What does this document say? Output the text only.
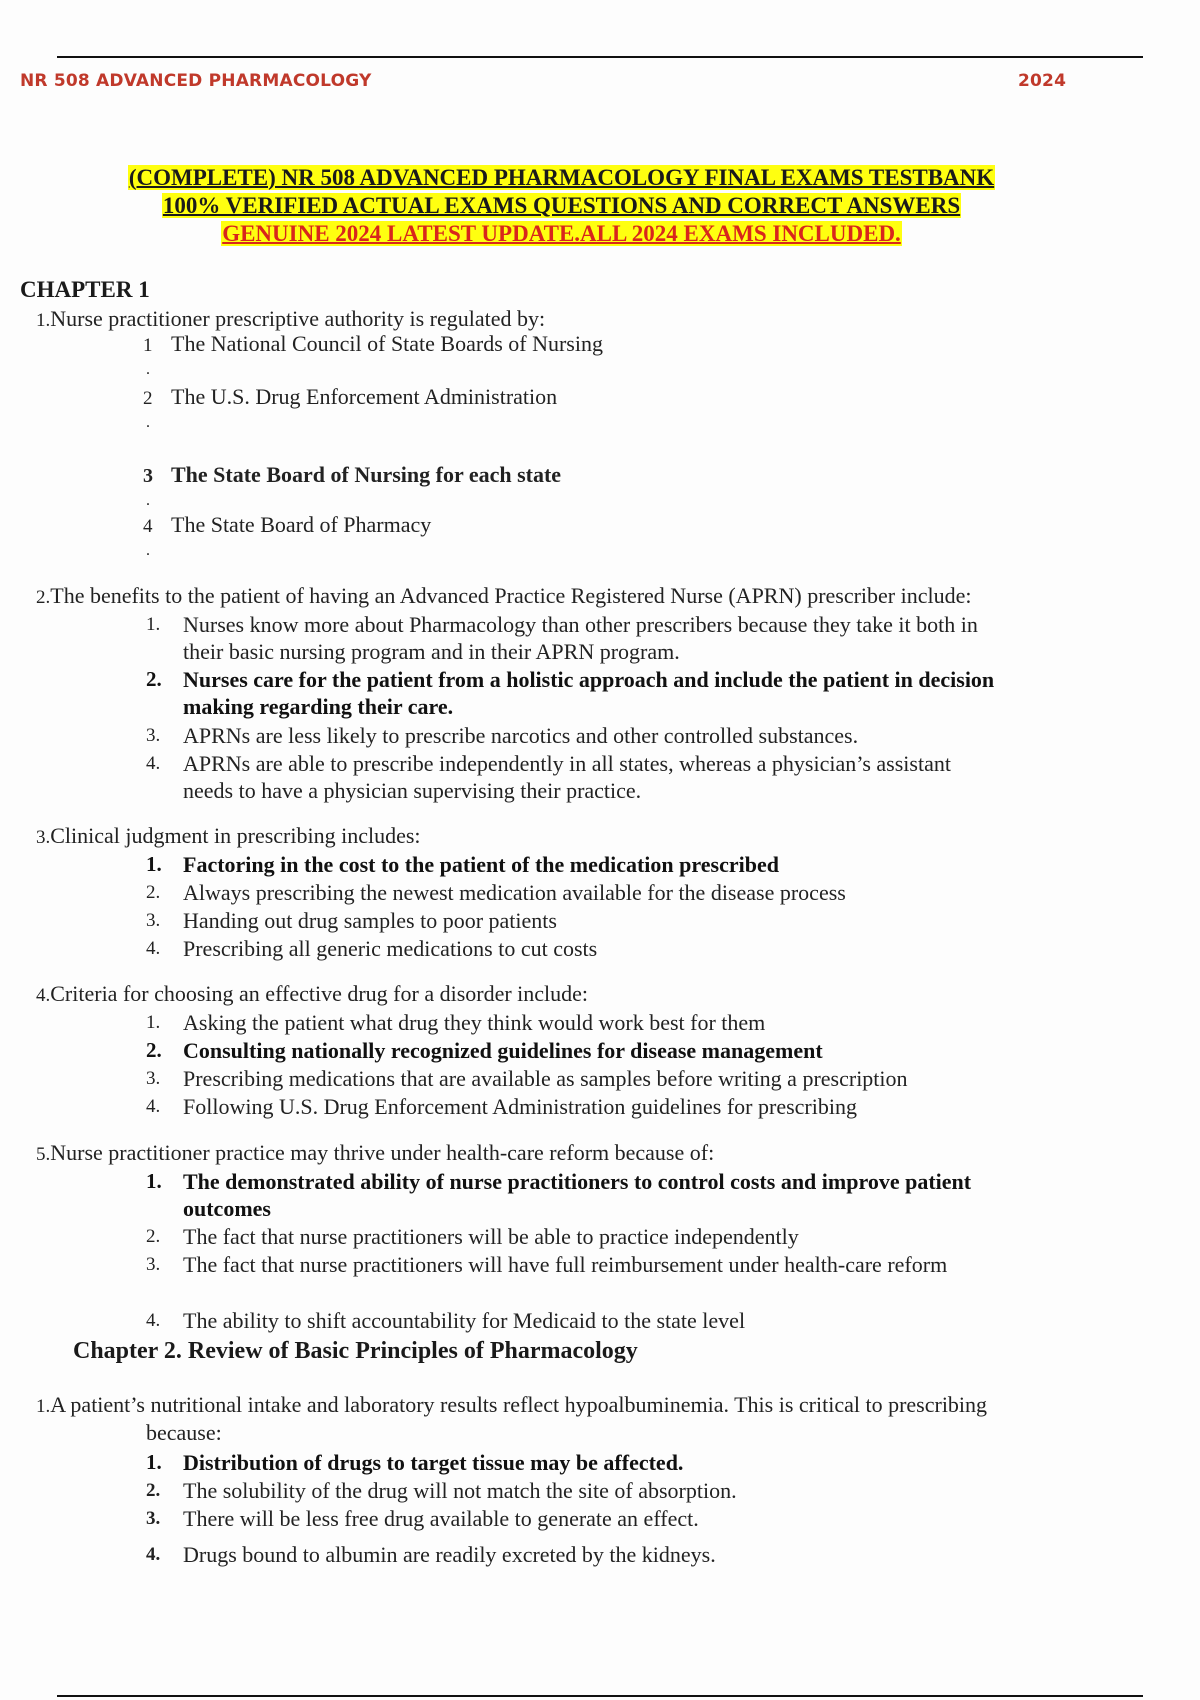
NR 508 ADVANCED PHARMACOLOGY	2024
(COMPLETE) NR 508 ADVANCED PHARMACOLOGY FINAL EXAMS TESTBANK
100% VERIFIED ACTUAL EXAMS QUESTIONS AND CORRECT ANSWERS
GENUINE 2024 LATEST UPDATE.ALL 2024 EXAMS INCLUDED.
CHAPTER 1
1.Nurse practitioner prescriptive authority is regulated by:
1 The National Council of State Boards of Nursing
.
2 The U.S. Drug Enforcement Administration
.
3 The State Board of Nursing for each state
.
4 The State Board of Pharmacy
.
2.The benefits to the patient of having an Advanced Practice Registered Nurse (APRN) prescriber include:
1.	Nurses know more about Pharmacology than other prescribers because they take it both in their basic nursing program and in their APRN program.
2. Nurses care for the patient from a holistic approach and include the patient in decision making regarding their care.
3.	APRNs are less likely to prescribe narcotics and other controlled substances.
4.	APRNs are able to prescribe independently in all states, whereas a physician’s assistant needs to have a physician supervising their practice.
3.Clinical judgment in prescribing includes:
1. Factoring in the cost to the patient of the medication prescribed
2.	Always prescribing the newest medication available for the disease process
3.	Handing out drug samples to poor patients
4.	Prescribing all generic medications to cut costs
4.Criteria for choosing an effective drug for a disorder include:
1.	Asking the patient what drug they think would work best for them
2. Consulting nationally recognized guidelines for disease management
3.	Prescribing medications that are available as samples before writing a prescription
4.	Following U.S. Drug Enforcement Administration guidelines for prescribing
5.Nurse practitioner practice may thrive under health-care reform because of:
1. The demonstrated ability of nurse practitioners to control costs and improve patient outcomes
2.	The fact that nurse practitioners will be able to practice independently
3.	The fact that nurse practitioners will have full reimbursement under health-care reform
4.	The ability to shift accountability for Medicaid to the state level
Chapter 2. Review of Basic Principles of Pharmacology
1.A patient’s nutritional intake and laboratory results reflect hypoalbuminemia. This is critical to prescribing
because:
1. Distribution of drugs to target tissue may be affected.
2.	The solubility of the drug will not match the site of absorption.
3.	There will be less free drug available to generate an effect.
4.	Drugs bound to albumin are readily excreted by the kidneys.
